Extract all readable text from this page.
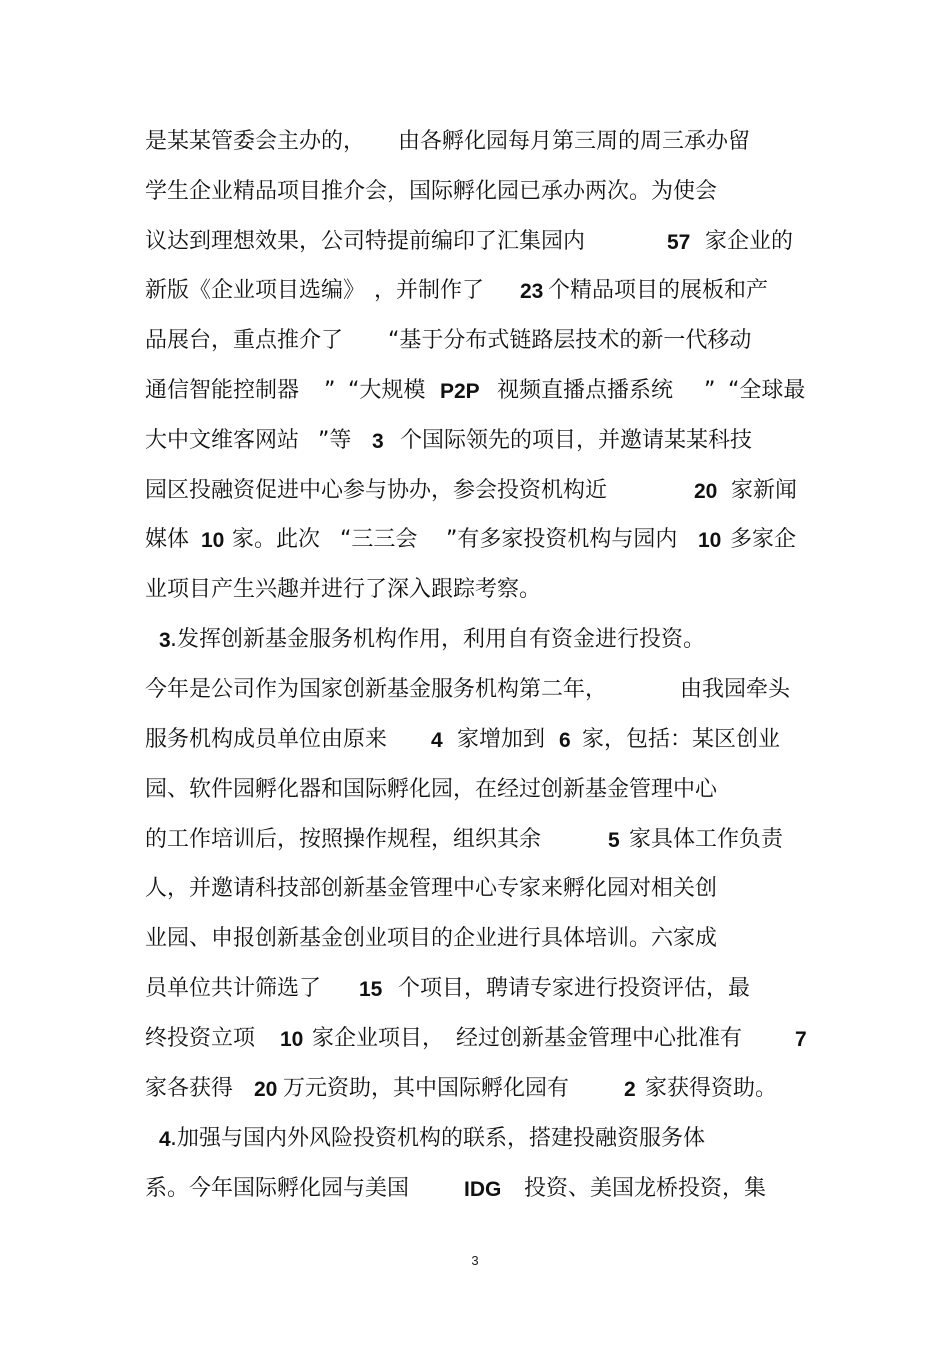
是某某管委会主办的， 由各孵化园每月第三周的周三承办留
学生企业精品项目推介会，国际孵化园已承办两次。为使会
议达到理想效果，公司特提前编印了汇集园内	57 家企业的
新版《企业项目选编》 ，并制作了 23 个精品项目的展板和产
品展台，重点推介了 “基于分布式链路层技术的新一代移动
通信智能控制器 ” “大规模 P2P 视频直播点播系统 ” “全球最
大中文维客网站 ”等 3 个国际领先的项目，并邀请某某科技
园区投融资促进中心参与协办，参会投资机构近	20 家新闻
媒体 10 家。此次 “三三会 ”有多家投资机构与园内 10 多家企
业项目产生兴趣并进行了深入跟踪考察。
3 .发挥创新基金服务机构作用，利用自有资金进行投资。
今年是公司作为国家创新基金服务机构第二年，	由我园牵头
服务机构成员单位由原来 4 家增加到 6 家，包括：某区创业
园、软件园孵化器和国际孵化园，在经过创新基金管理中心
的工作培训后，按照操作规程，组织其余	5 家具体工作负责
人，并邀请科技部创新基金管理中心专家来孵化园对相关创
业园、申报创新基金创业项目的企业进行具体培训。六家成
员单位共计筛选了 15 个项目，聘请专家进行投资评估，最
终投资立项 10 家企业项目， 经过创新基金管理中心批准有	7
家各获得 20 万元资助，其中国际孵化园有	2 家获得资助。
4 .加强与国内外风险投资机构的联系，搭建投融资服务体
系。今年国际孵化园与美国	IDG 投资、美国龙桥投资，集
3
